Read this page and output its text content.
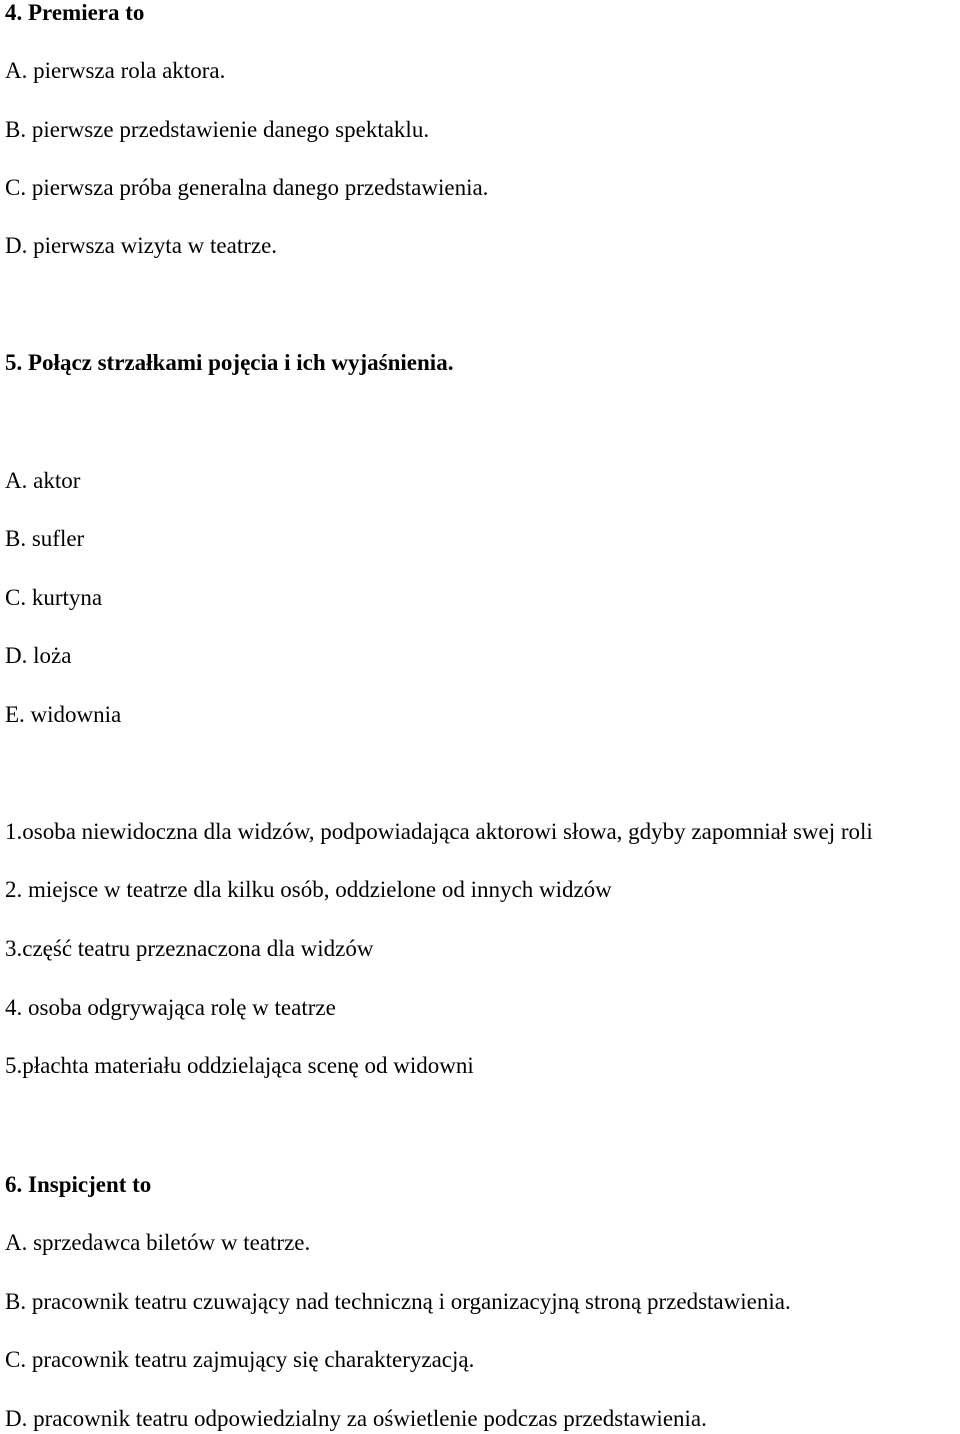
4. Premiera to
A. pierwsza rola aktora.
B. pierwsze przedstawienie danego spektaklu.
C. pierwsza próba generalna danego przedstawienia.
D. pierwsza wizyta w teatrze.
5. Połącz strzałkami pojęcia i ich wyjaśnienia.
A. aktor
B. sufler
C. kurtyna
D. loża
E. widownia
1.osoba niewidoczna dla widzów, podpowiadająca aktorowi słowa, gdyby zapomniał swej roli
2. miejsce w teatrze dla kilku osób, oddzielone od innych widzów
3.część teatru przeznaczona dla widzów
4. osoba odgrywająca rolę w teatrze
5.płachta materiału oddzielająca scenę od widowni
6. Inspicjent to
A. sprzedawca biletów w teatrze.
B. pracownik teatru czuwający nad techniczną i organizacyjną stroną przedstawienia.
C. pracownik teatru zajmujący się charakteryzacją.
D. pracownik teatru odpowiedzialny za oświetlenie podczas przedstawienia.
